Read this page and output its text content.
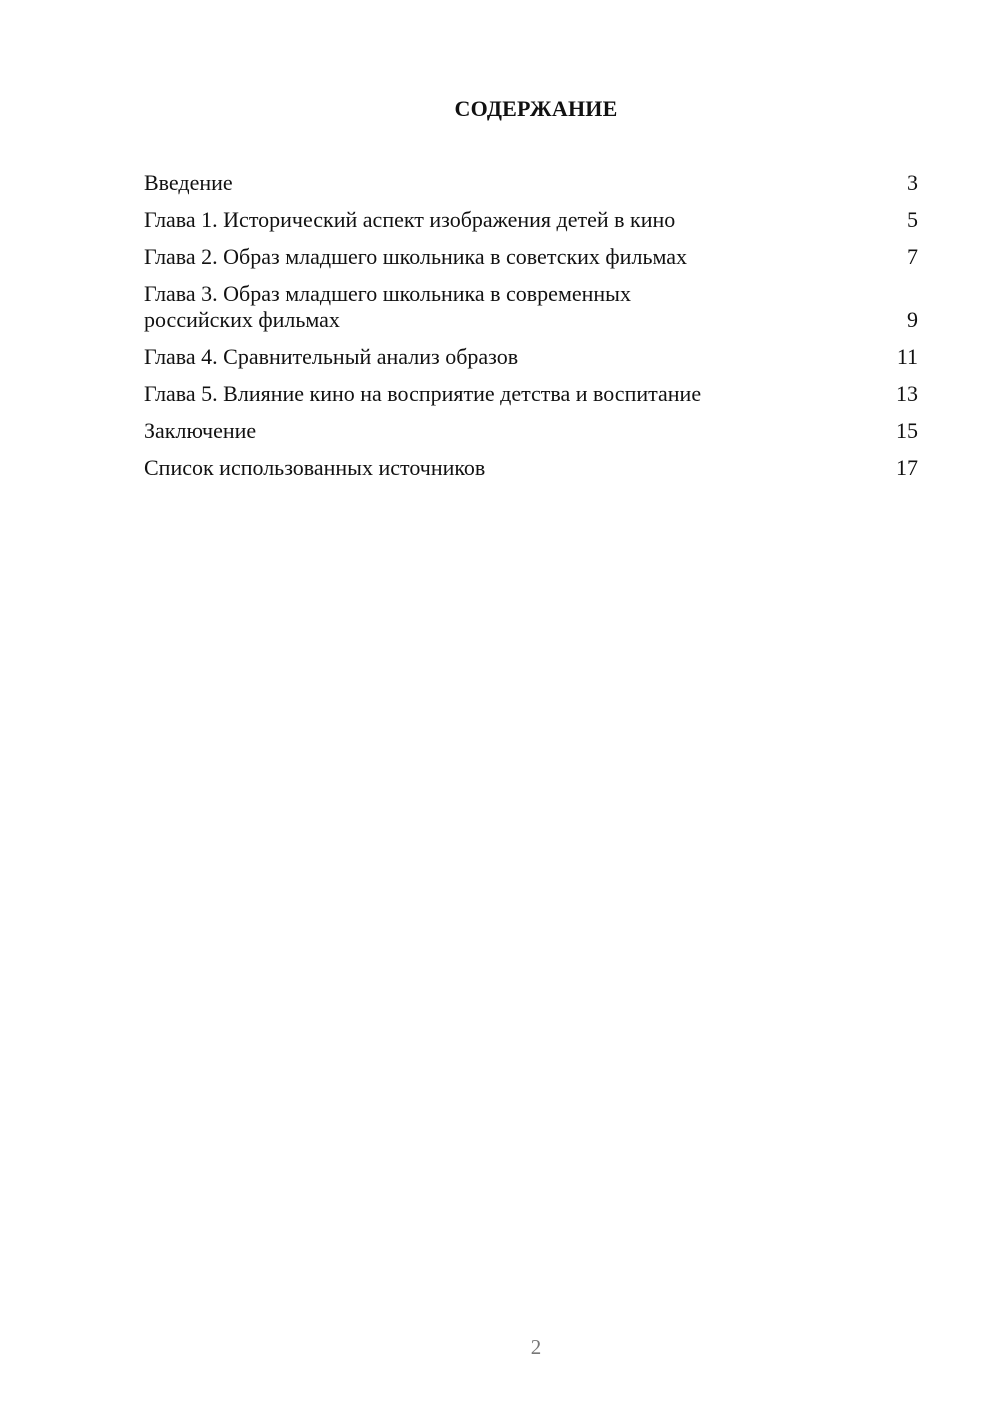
СОДЕРЖАНИЕ
Введение	3
Глава 1. Исторический аспект изображения детей в кино	5
Глава 2. Образ младшего школьника в советских фильмах	7
Глава 3. Образ младшего школьника в современных российских фильмах	9
Глава 4. Сравнительный анализ образов	11
Глава 5. Влияние кино на восприятие детства и воспитание	13
Заключение	15
Список использованных источников	17
2
